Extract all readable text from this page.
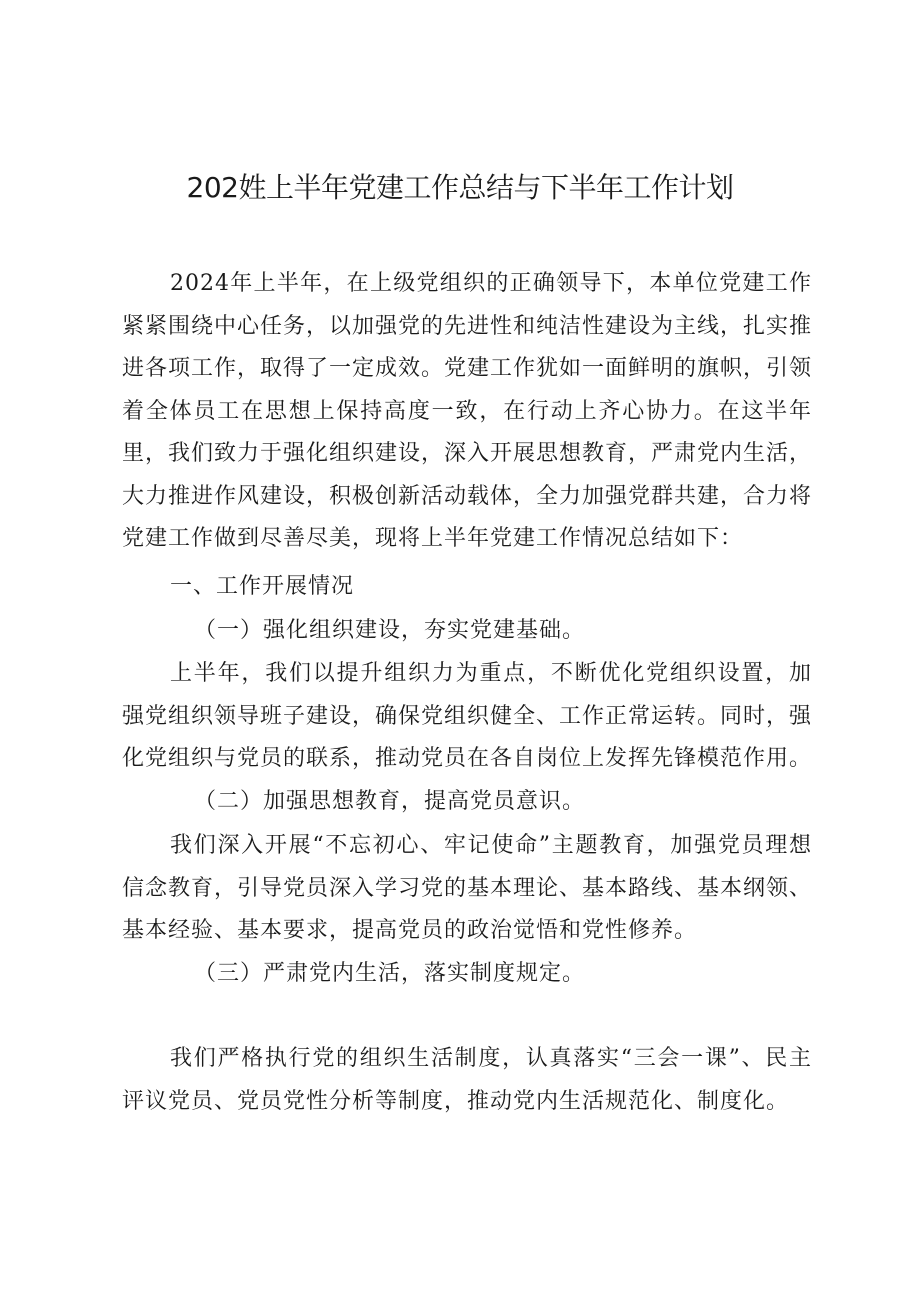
202姓上半年党建工作总结与下半年工作计划

2024年上半年，在上级党组织的正确领导下，本单位党建工作紧紧围绕中心任务，以加强党的先进性和纯洁性建设为主线，扎实推进各项工作，取得了一定成效。党建工作犹如一面鲜明的旗帜，引领着全体员工在思想上保持高度一致，在行动上齐心协力。在这半年里，我们致力于强化组织建设，深入开展思想教育，严肃党内生活，大力推进作风建设，积极创新活动载体，全力加强党群共建，合力将党建工作做到尽善尽美，现将上半年党建工作情况总结如下：

一、工作开展情况

（一）强化组织建设，夯实党建基础。

上半年，我们以提升组织力为重点，不断优化党组织设置，加强党组织领导班子建设，确保党组织健全、工作正常运转。同时，强化党组织与党员的联系，推动党员在各自岗位上发挥先锋模范作用。

（二）加强思想教育，提高党员意识。

我们深入开展“不忘初心、牢记使命”主题教育，加强党员理想信念教育，引导党员深入学习党的基本理论、基本路线、基本纲领、基本经验、基本要求，提高党员的政治觉悟和党性修养。

（三）严肃党内生活，落实制度规定。

我们严格执行党的组织生活制度，认真落实“三会一课”、民主评议党员、党员党性分析等制度，推动党内生活规范化、制度化。
